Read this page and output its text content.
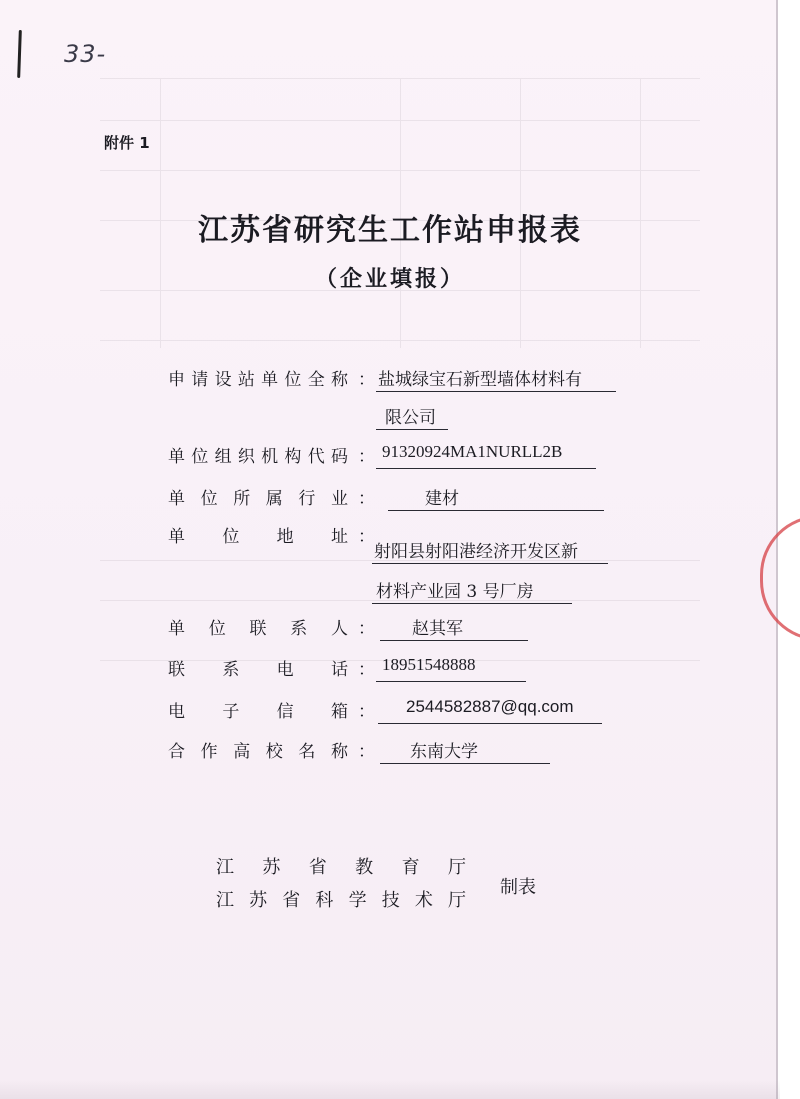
33-
附件 1
江苏省研究生工作站申报表
（企业填报）
申 请 设 站 单 位 全 称 ： 盐城绿宝石新型墙体材料有
限公司
单 位 组 织 机 构 代 码 ： 91320924MA1NURLL2B
单 位 所 属 行 业 ：	建材
单 位 地 址 ：
射阳县射阳港经济开发区新
材料产业园 3 号厂房
单 位 联 系 人 ： 赵其军
联 系 电 话 ： 18951548888
电 子 信 箱 ： 2544582887@qq.com
合 作 高 校 名 称 ： 东南大学
江 苏 省 教 育 厅
江 苏 省 科 学 技 术 厅
制表
